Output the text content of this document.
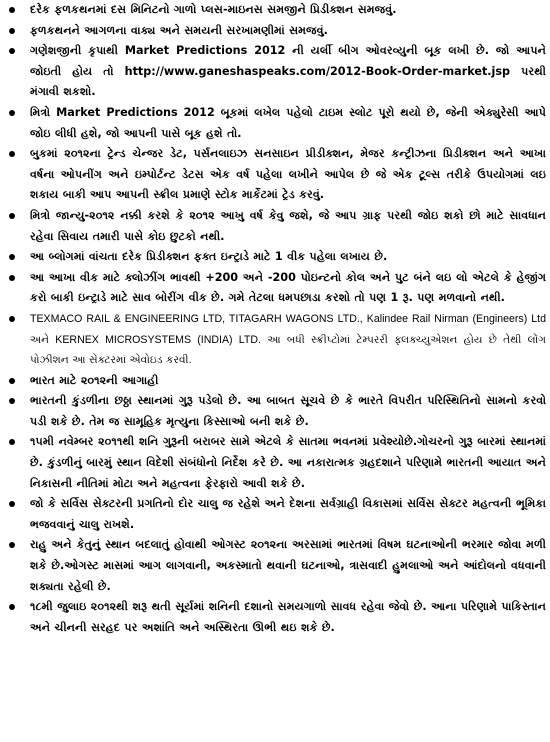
દરેક ફળકથનમાં દસ મિનિટનો ગાળો પ્લસ-માઇનસ સમજીને પ્રિડીક્શન સમજવું.
ફળકથનને આગળના વાક્ય અને સમયની સરખામણીમાં સમજવું.
ગણેશજીની કૃપાથી Market Predictions 2012 ની યર્લી બીગ ઓવરવ્યુની બૂક લખી છે. જો આપને જોઇતી હોય તો http://www.ganeshaspeaks.com/2012-Book-Order-market.jsp પરથી મંગાવી શકશો.
મિત્રો Market Predictions 2012 બૂકમાં લખેલ પહેલો ટાઇમ સ્લોટ પૂરો થયો છે, જેની એક્યુરેસી આપે જોઇ લીધી હશે, જો આપની પાસે બૂક હશે તો.
બુકમાં ૨૦૧૨ના ટ્રેન્ડ ચેન્જર ડેટ, પર્સનલાઇઝ સનસાઇન પ્રીડીક્શન, મેજર કન્ટ્રીઝના પ્રિડીક્શન અને આખા વર્ષના ઓપનીંગ અને ઇમ્પોર્ટન્ટ ડેટસ એક વર્ષ પહેલા લખીને આપેલ છે જે એક ટૂલ્સ તરીકે ઉપયોગમાં લઇ શકાય બાકી આપ આપની સ્ક્રીલ પ્રમાણે સ્ટોક માર્કેટમાં ટ્રેડ કરવું.
મિત્રો જાન્યુ-૨૦૧૨ નક્કી કરશે કે ૨૦૧૨ આખુ વર્ષ કેવુ જશે, જે આપ ગ્રાફ પરથી જોઇ શકો છો માટે સાવધાન રહેવા સિવાય તમારી પાસે કોઇ છુટકો નથી.
આ બ્લોગમાં વાંચતા દરેક પ્રિડીક્શન ફક્ત ઇન્ટ્રાડે માટે 1 વીક પહેલા લખાય છે.
આ આખા વીક માટે ક્લોઝીંગ ભાવથી +200 અને -200 પોઇન્ટનો કોલ અને પુટ બંને લઇ લો એટલે કે હેજીંગ કરો બાકી ઇન્ટ્રાડે માટે સાવ બોરીંગ વીક છે. ગમે તેટલા ધમપછાડા કરશો તો પણ 1 રૂ. પણ મળવાનો નથી.
TEXMACO RAIL & ENGINEERING LTD, TITAGARH WAGONS LTD., Kalindee Rail Nirman (Engineers) Ltd અને KERNEX MICROSYSTEMS (INDIA) LTD. આ બધી સ્ક્રીપ્ટોમાં ટેમ્પરરી ફ્લક્ચ્યુએશન હોય છે તેથી લોંગ પોઝીશન આ સેક્ટરમાં એવોઇડ કરવી.
ભારત માટે ૨૦૧૨ની આગાહી
ભારતની કુંડળીના છઠ્ઠા સ્થાનમાં ગુરૂ પડેલો છે. આ બાબત સૂચવે છે કે ભારતે વિપરીત પરિસ્થિતિનો સામનો કરવો પડી શકે છે. તેમ જ સામૂહિક મૃત્યુના કિસ્સાઓ બની શકે છે.
૧૫મી નવેમ્બર ૨૦૧૧થી શનિ ગુરૂની બરાબર સામે એટલે કે સાતમા ભવનમાં પ્રવેશ્યોછે.ગોચરનો ગુરૂ બારમાં સ્થાનમાં છે. કુંડળીનું બારમું સ્થાન વિદેશી સંબંધોનો નિર્દેશ કરે છે. આ નકારાત્મક ગ્રહદશાને પરિણામે ભારતની આયાત અને નિકાસની નીતિમાં મોટા અને મહત્વના ફેરફારો આવી શકે છે.
જો કે સર્વિસ સેક્ટરની પ્રગતિનો દોર ચાલુ જ રહેશે અને દેશના સર્વગ્રાહી વિકાસમાં સર્વિસ સેક્ટર મહત્વની ભૂમિકા ભજવવાનું ચાલુ રાખશે.
રાહુ અને કેતુનું સ્થાન બદલાતું હોવાથી ઓગસ્ટ ૨૦૧૨ના અરસામાં ભારતમાં વિષમ ઘટનાઓની ભરમાર જોવા મળી શકે છે.ઓગસ્ટ માસમાં આગ લાગવાની, અકસ્માતો થવાની ઘટનાઓ, ત્રાસવાદી હુમલાઓ અને આંદોલનો વધવાની શક્યતા રહેલી છે.
૧૮મી જુલાઇ ૨૦૧૨થી શરૂ થતી સૂર્યમાં શનિની દશાનો સમયગાળો સાવધ રહેવા જેવો છે. આના પરિણામે પાકિસ્તાન અને ચીનની સરહદ પર અશાંતિ અને અસ્થિરતા ઊભી થઇ શકે છે.
